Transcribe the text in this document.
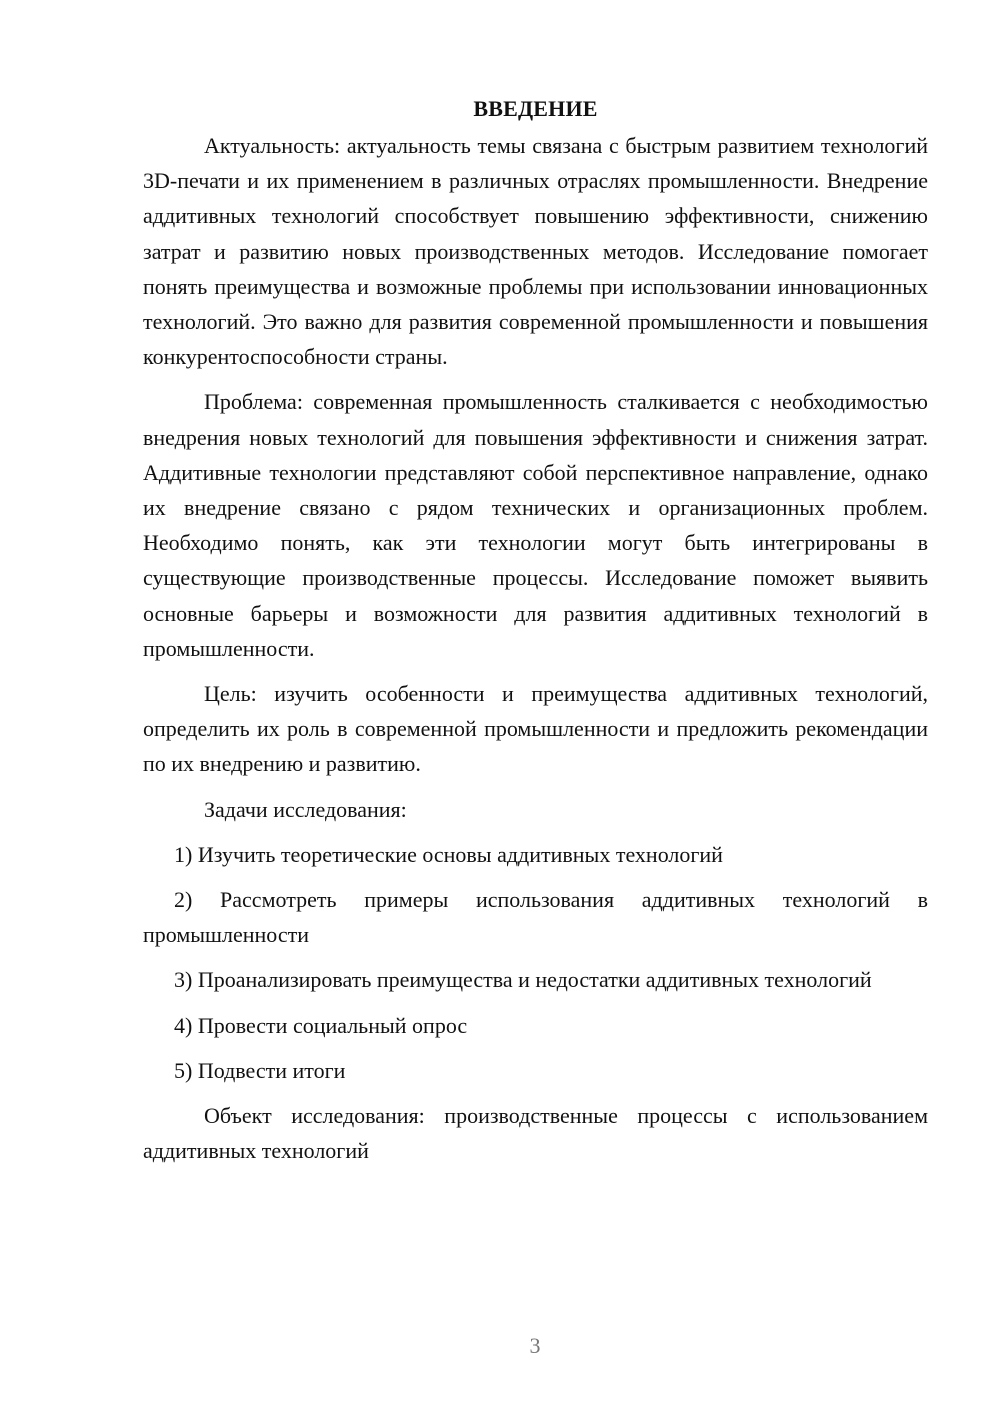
ВВЕДЕНИЕ

Актуальность: актуальность темы связана с быстрым развитием технологий 3D-печати и их применением в различных отраслях промышленности. Внедрение аддитивных технологий способствует повышению эффективности, снижению затрат и развитию новых производственных методов. Исследование помогает понять преимущества и возможные проблемы при использовании инновационных технологий. Это важно для развития современной промышленности и повышения конкурентоспособности страны.

Проблема: современная промышленность сталкивается с необходимостью внедрения новых технологий для повышения эффективности и снижения затрат. Аддитивные технологии представляют собой перспективное направление, однако их внедрение связано с рядом технических и организационных проблем. Необходимо понять, как эти технологии могут быть интегрированы в существующие производственные процессы. Исследование поможет выявить основные барьеры и возможности для развития аддитивных технологий в промышленности.

Цель: изучить особенности и преимущества аддитивных технологий, определить их роль в современной промышленности и предложить рекомендации по их внедрению и развитию.

Задачи исследования:

1) Изучить теоретические основы аддитивных технологий

2) Рассмотреть примеры использования аддитивных технологий в промышленности

3) Проанализировать преимущества и недостатки аддитивных технологий

4) Провести социальный опрос

5) Подвести итоги

Объект исследования: производственные процессы с использованием аддитивных технологий

3
